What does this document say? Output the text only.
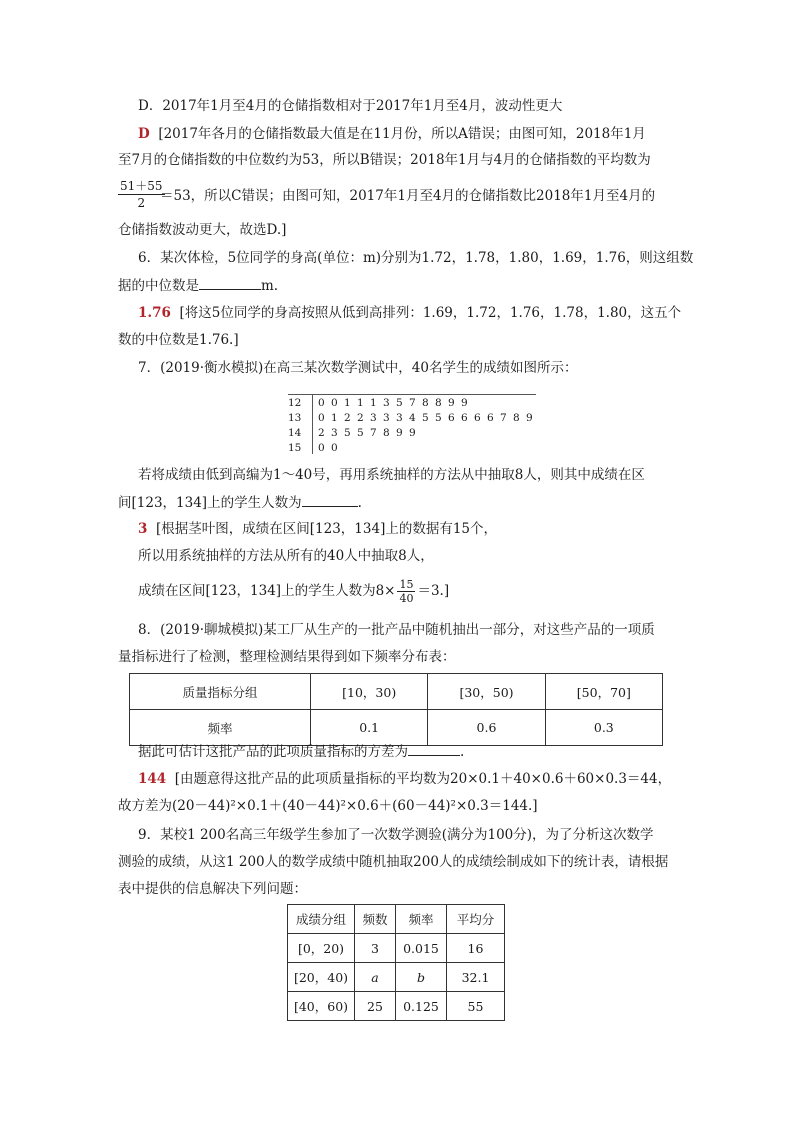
D．2017年1月至4月的仓储指数相对于2017年1月至4月，波动性更大
D [2017年各月的仓储指数最大值是在11月份，所以A错误；由图可知，2018年1月
至7月的仓储指数的中位数约为53，所以B错误；2018年1月与4月的仓储指数的平均数为
$\frac{51+55}{2}$
＝53，所以C错误；由图可知，2017年1月至4月的仓储指数比2018年1月至4月的
仓储指数波动更大，故选D.]
6．某次体检，5位同学的身高(单位：m)分别为1.72，1.78，1.80，1.69，1.76，则这组数
据的中位数是	m.
1.76 [将这5位同学的身高按照从低到高排列：1.69，1.72，1.76，1.78，1.80，这五个
数的中位数是1.76.]
7．(2019·衡水模拟)在高三某次数学测试中，40名学生的成绩如图所示：
12 0 0 1 1 1 3 5 7 8 8 9 9
13 0 1 2 2 3 3 3 4 5 5 6 6 6 6 7 8 9
14 2 3 5 5 7 8 9 9
15 0 0
若将成绩由低到高编为1～40号，再用系统抽样的方法从中抽取8人，则其中成绩在区
间[123，134]上的学生人数为	.
3 [根据茎叶图，成绩在区间[123，134]上的数据有15个，
所以用系统抽样的方法从所有的40人中抽取8人，
成绩在区间[123，134]上的学生人数为$8\times \frac{15}{40} =3$.]
8．(2019·聊城模拟)某工厂从生产的一批产品中随机抽出一部分，对这些产品的一项质
量指标进行了检测，整理检测结果得到如下频率分布表：
质量指标分组	[10，30)	[30，50)	[50，70]
频率	0.1	0.6	0.3
据此可估计这批产品的此项质量指标的方差为	.
144 [由题意得这批产品的此项质量指标的平均数为20×0.1＋40×0.6＋60×0.3＝44，
故方差为(20－44)²×0.1＋(40－44)²×0.6＋(60－44)²×0.3＝144.]
9．某校1 200名高三年级学生参加了一次数学测验(满分为100分)，为了分析这次数学
测验的成绩，从这1 200人的数学成绩中随机抽取200人的成绩绘制成如下的统计表，请根据
表中提供的信息解决下列问题：
成绩分组	频数	频率	平均分
[0，20)	3	0.015	16
[20，40)	a	b	32.1
[40，60)	25	0.125	55
